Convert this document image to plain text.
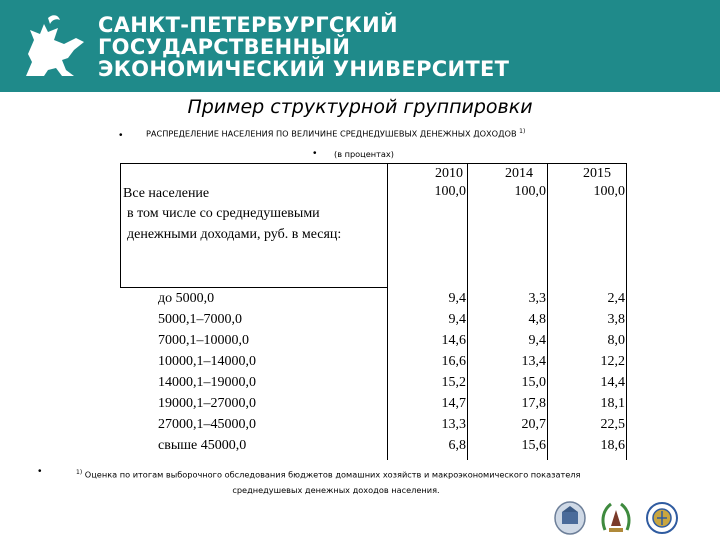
САНКТ-ПЕТЕРБУРГСКИЙ
ГОСУДАРСТВЕННЫЙ
ЭКОНОМИЧЕСКИЙ УНИВЕРСИТЕТ
Пример структурной группировки
•	РАСПРЕДЕЛЕНИЕ НАСЕЛЕНИЯ ПО ВЕЛИЧИНЕ СРЕДНЕДУШЕВЫХ ДЕНЕЖНЫХ ДОХОДОВ $^{1)}$
• (в процентах)
2010	2014	2015
Все население	100,0	100,0	100,0
в том числе со среднедушевыми
денежными доходами, руб. в месяц:
до 5000,0	9,4	3,3	2,4
5000,1–7000,0	9,4	4,8	3,8
7000,1–10000,0	14,6	9,4	8,0
10000,1–14000,0	16,6	13,4	12,2
14000,1–19000,0	15,2	15,0	14,4
19000,1–27000,0	14,7	17,8	18,1
27000,1–45000,0	13,3	20,7	22,5
свыше 45000,0	6,8	15,6	18,6
•	$^{1)}$ Оценка по итогам выборочного обследования бюджетов домашних хозяйств и макроэкономического показателя
среднедушевых денежных доходов населения.
